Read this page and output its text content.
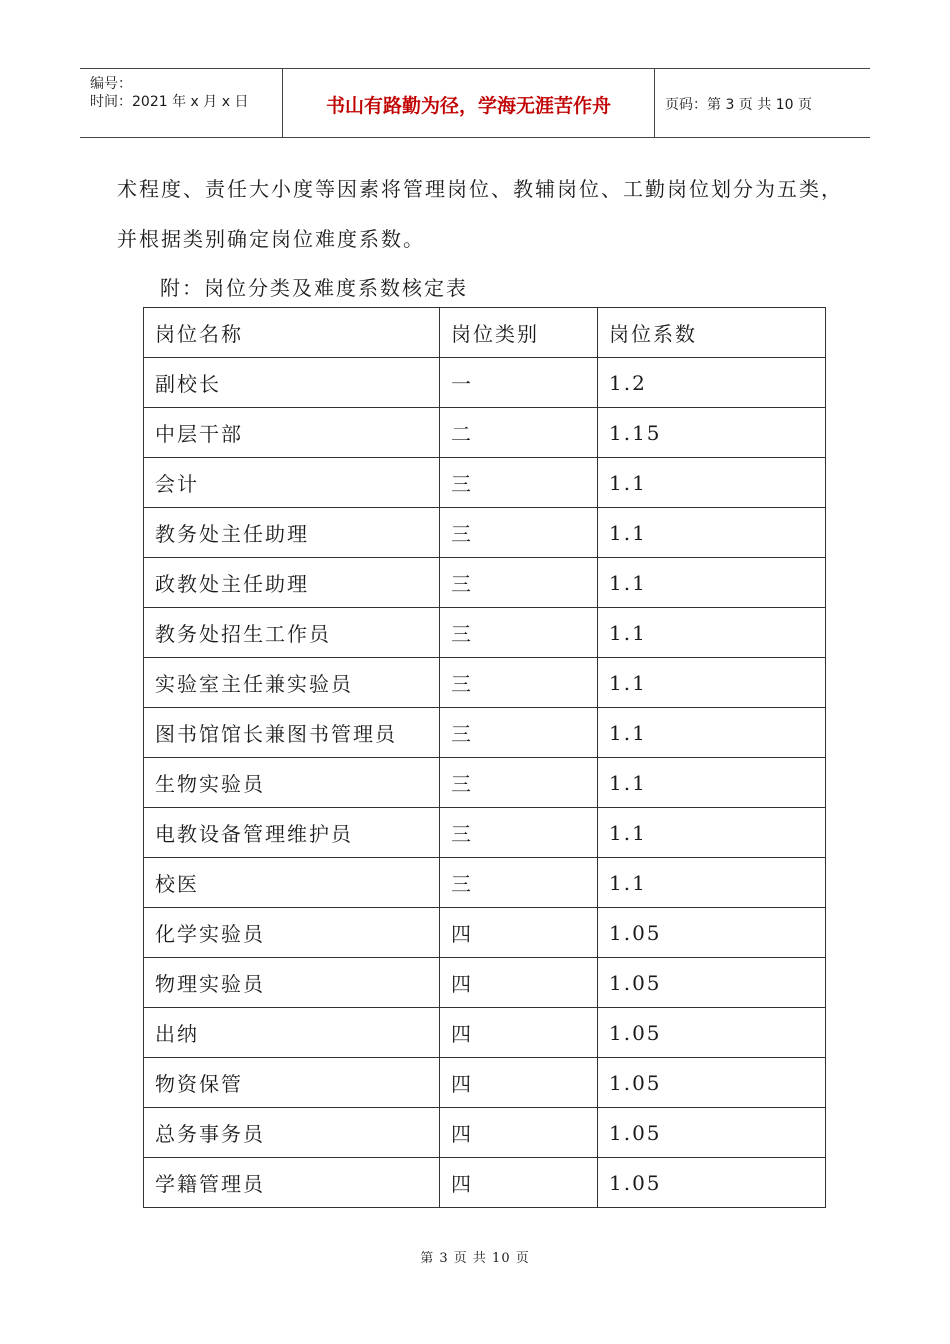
编号：
时间：2021 年 x 月 x 日	书山有路勤为径，学海无涯苦作舟	页码：第 3 页 共 10 页
术程度、责任大小度等因素将管理岗位、教辅岗位、工勤岗位划分为五类，
并根据类别确定岗位难度系数。
附：岗位分类及难度系数核定表
岗位名称	岗位类别	岗位系数
副校长	一	1.2
中层干部	二	1.15
会计	三	1.1
教务处主任助理	三	1.1
政教处主任助理	三	1.1
教务处招生工作员	三	1.1
实验室主任兼实验员	三	1.1
图书馆馆长兼图书管理员	三	1.1
生物实验员	三	1.1
电教设备管理维护员	三	1.1
校医	三	1.1
化学实验员	四	1.05
物理实验员	四	1.05
出纳	四	1.05
物资保管	四	1.05
总务事务员	四	1.05
学籍管理员	四	1.05
第 3 页 共 10 页
